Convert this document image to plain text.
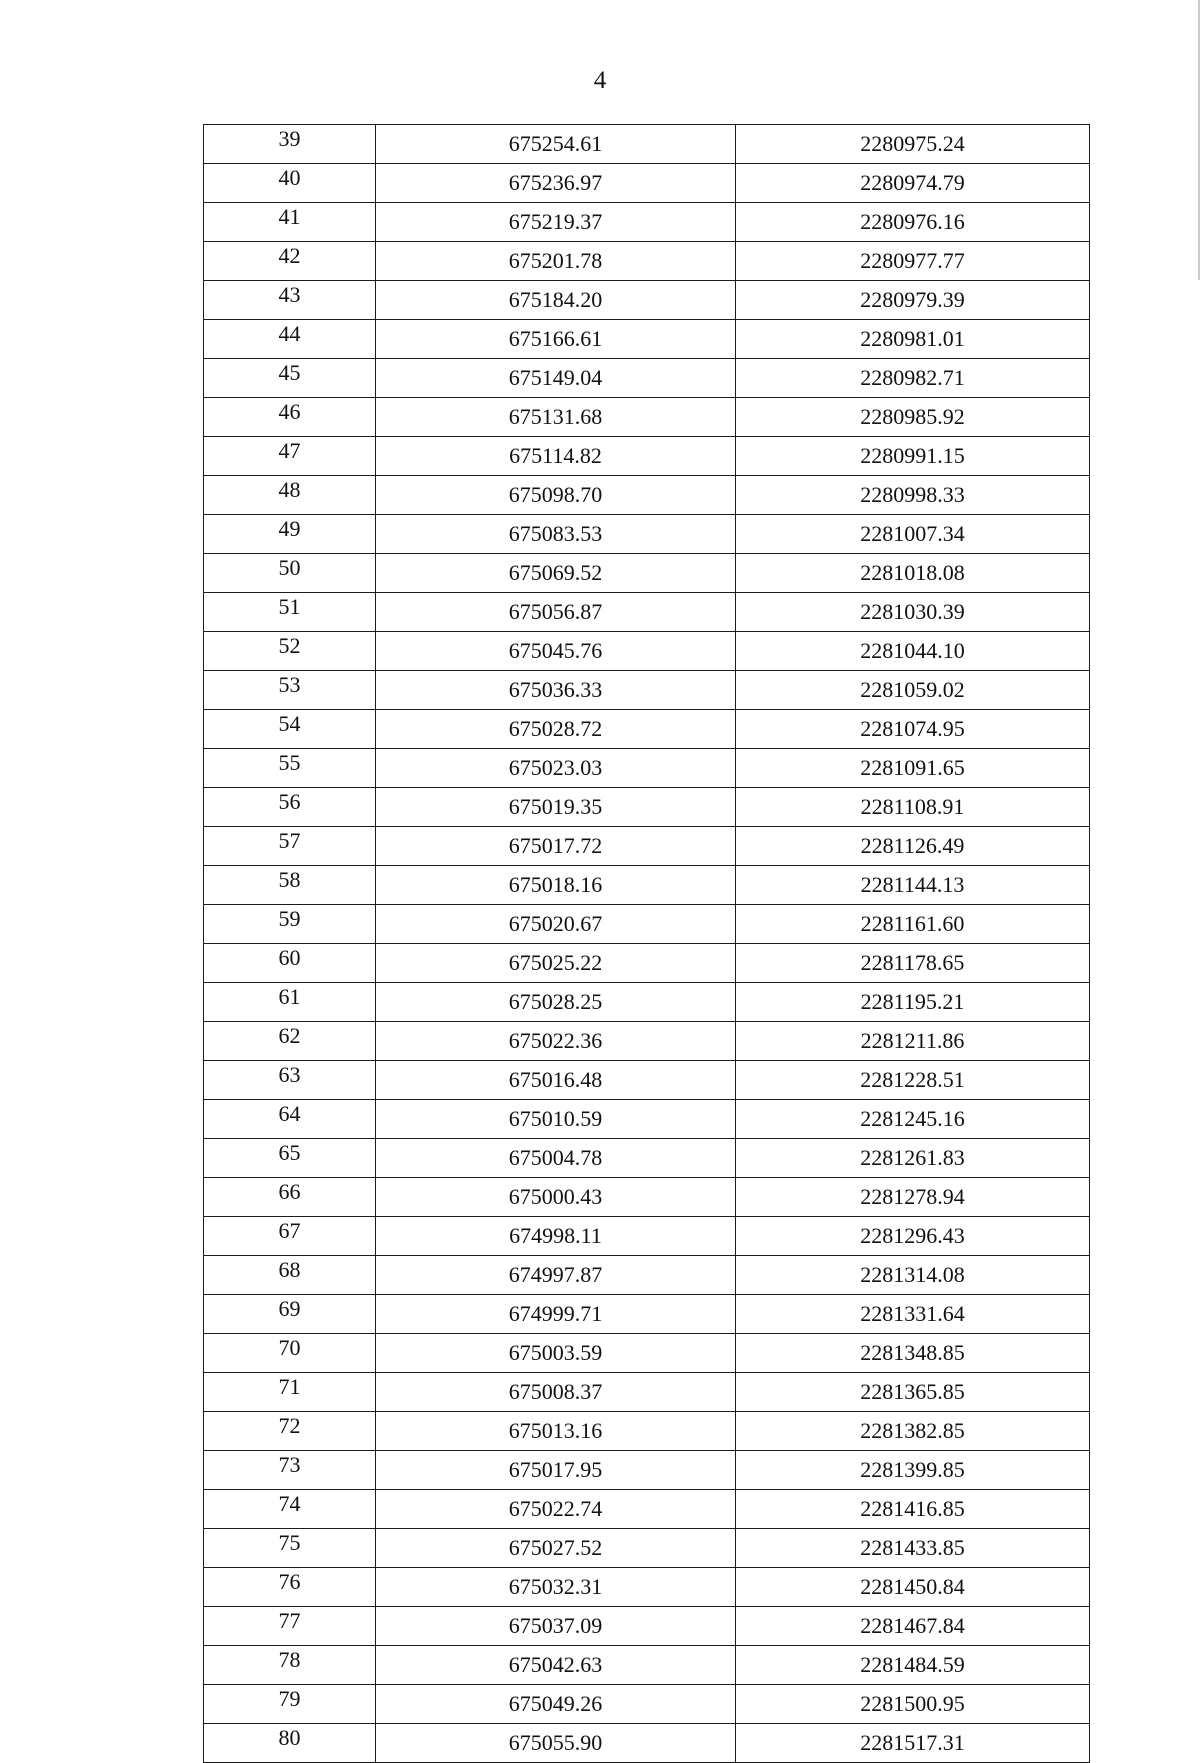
4
39	675254.61	2280975.24
40	675236.97	2280974.79
41	675219.37	2280976.16
42	675201.78	2280977.77
43	675184.20	2280979.39
44	675166.61	2280981.01
45	675149.04	2280982.71
46	675131.68	2280985.92
47	675114.82	2280991.15
48	675098.70	2280998.33
49	675083.53	2281007.34
50	675069.52	2281018.08
51	675056.87	2281030.39
52	675045.76	2281044.10
53	675036.33	2281059.02
54	675028.72	2281074.95
55	675023.03	2281091.65
56	675019.35	2281108.91
57	675017.72	2281126.49
58	675018.16	2281144.13
59	675020.67	2281161.60
60	675025.22	2281178.65
61	675028.25	2281195.21
62	675022.36	2281211.86
63	675016.48	2281228.51
64	675010.59	2281245.16
65	675004.78	2281261.83
66	675000.43	2281278.94
67	674998.11	2281296.43
68	674997.87	2281314.08
69	674999.71	2281331.64
70	675003.59	2281348.85
71	675008.37	2281365.85
72	675013.16	2281382.85
73	675017.95	2281399.85
74	675022.74	2281416.85
75	675027.52	2281433.85
76	675032.31	2281450.84
77	675037.09	2281467.84
78	675042.63	2281484.59
79	675049.26	2281500.95
80	675055.90	2281517.31
